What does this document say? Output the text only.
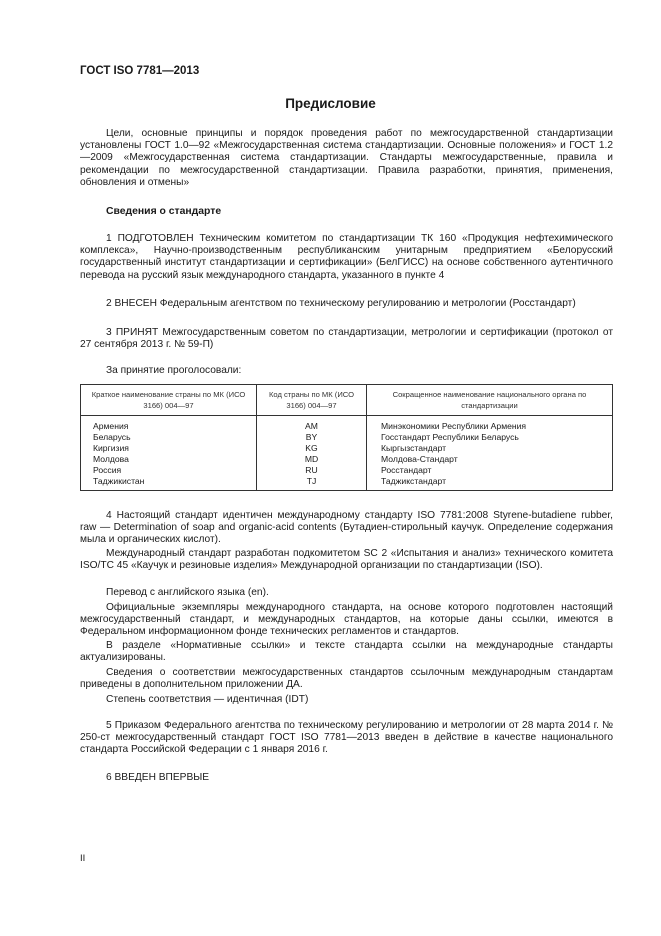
ГОСТ ISO 7781—2013
Предисловие

Цели, основные принципы и порядок проведения работ по межгосударственной стандартизации установлены ГОСТ 1.0—92 «Межгосударственная система стандартизации. Основные положения» и ГОСТ 1.2—2009 «Межгосударственная система стандартизации. Стандарты межгосударственные, правила и рекомендации по межгосударственной стандартизации. Правила разработки, принятия, применения, обновления и отмены»

Сведения о стандарте

1 ПОДГОТОВЛЕН Техническим комитетом по стандартизации ТК 160 «Продукция нефтехимического комплекса», Научно-производственным республиканским унитарным предприятием «Белорусский государственный институт стандартизации и сертификации» (БелГИСС) на основе собственного аутентичного перевода на русский язык международного стандарта, указанного в пункте 4

2 ВНЕСЕН Федеральным агентством по техническому регулированию и метрологии (Росстандарт)

3 ПРИНЯТ Межгосударственным советом по стандартизации, метрологии и сертификации (протокол от 27 сентября 2013 г. № 59-П)

За принятие проголосовали:
Краткое наименование страны по МК (ИСО 3166) 004—97	Код страны по МК (ИСО 3166) 004—97	Сокращенное наименование национального органа по стандартизации
Армения	AM	Минэкономики Республики Армения
Беларусь	BY	Госстандарт Республики Беларусь
Киргизия	KG	Кыргызстандарт
Молдова	MD	Молдова-Стандарт
Россия	RU	Росстандарт
Таджикистан	TJ	Таджикстандарт

4 Настоящий стандарт идентичен международному стандарту ISO 7781:2008 Styrene-butadiene rubber, raw — Determination of soap and organic-acid contents (Бутадиен-стирольный каучук. Определение содержания мыла и органических кислот).

Международный стандарт разработан подкомитетом SC 2 «Испытания и анализ» технического комитета ISO/TC 45 «Каучук и резиновые изделия» Международной организации по стандартизации (ISO).

Перевод с английского языка (en).

Официальные экземпляры международного стандарта, на основе которого подготовлен настоящий межгосударственный стандарт, и международных стандартов, на которые даны ссылки, имеются в Федеральном информационном фонде технических регламентов и стандартов.

В разделе «Нормативные ссылки» и тексте стандарта ссылки на международные стандарты актуализированы.

Сведения о соответствии межгосударственных стандартов ссылочным международным стандартам приведены в дополнительном приложении ДА.

Степень соответствия — идентичная (IDT)

5 Приказом Федерального агентства по техническому регулированию и метрологии от 28 марта 2014 г. № 250-ст межгосударственный стандарт ГОСТ ISO 7781—2013 введен в действие в качестве национального стандарта Российской Федерации с 1 января 2016 г.

6 ВВЕДЕН ВПЕРВЫЕ

II
